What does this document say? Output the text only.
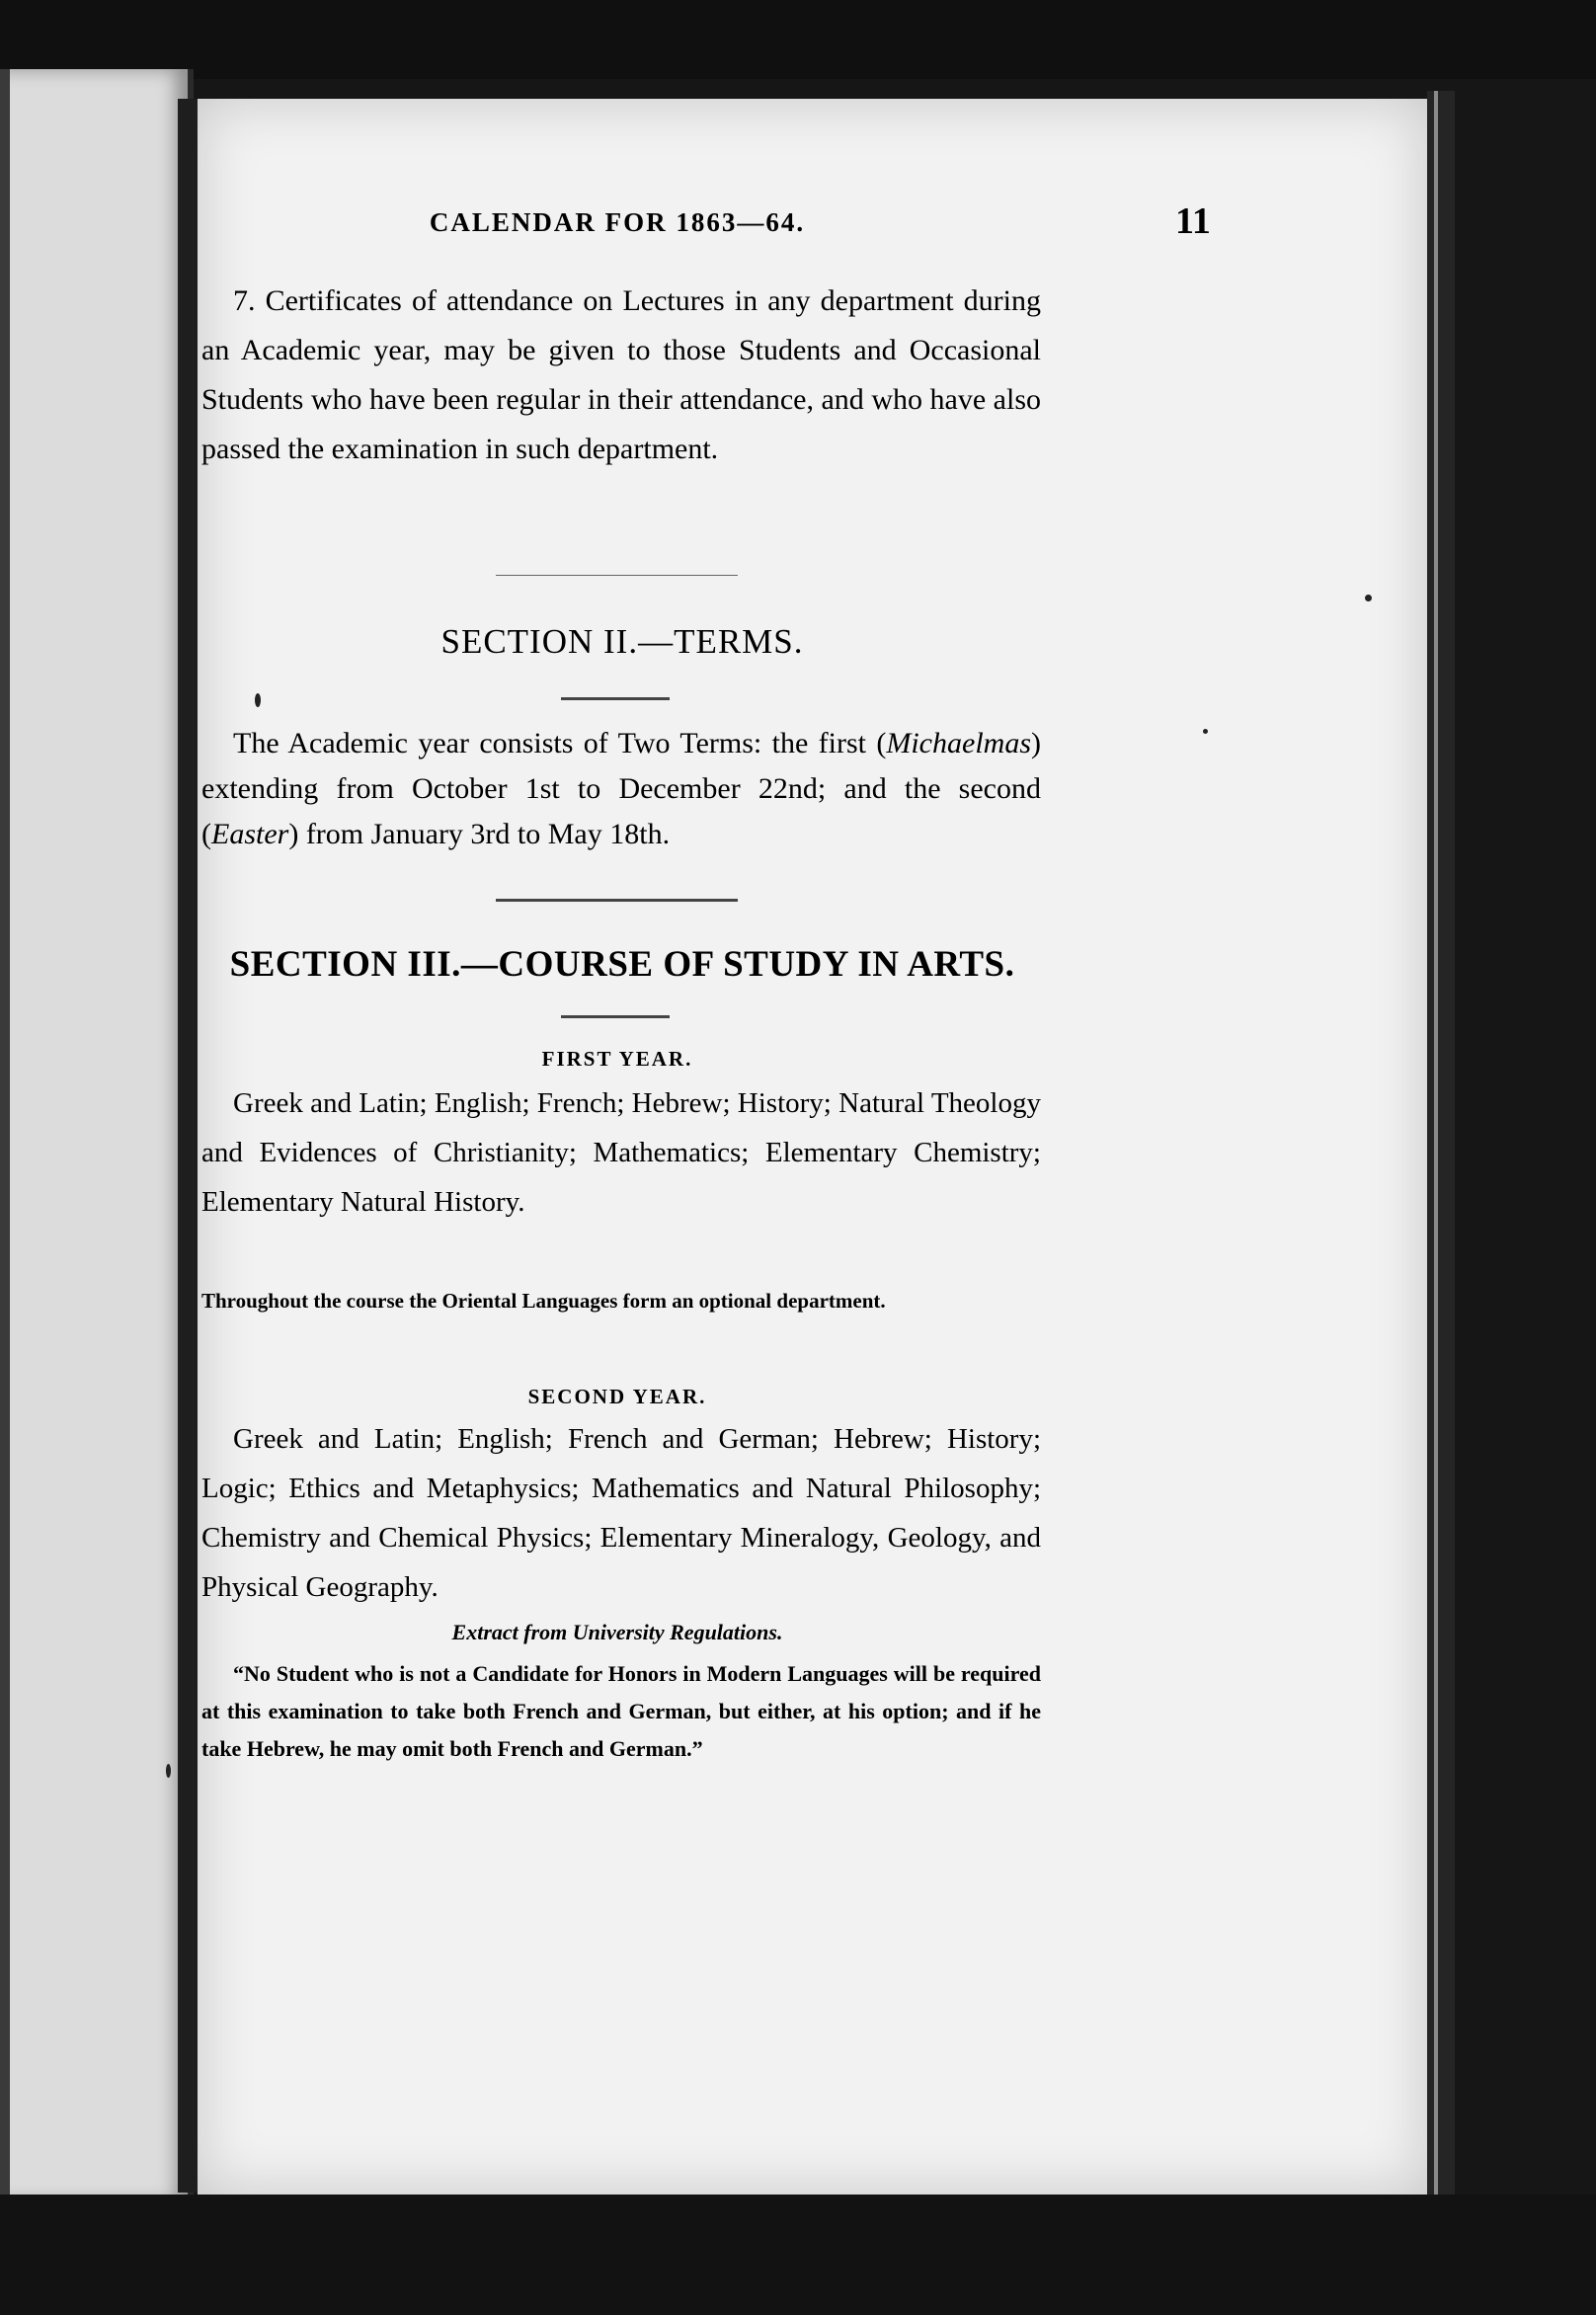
CALENDAR FOR 1863—64.	11
7. Certificates of attendance on Lectures in any department during an Academic year, may be given to those Students and Occasional Students who have been regular in their attendance, and who have also passed the examination in such department.
SECTION II.—TERMS.
The Academic year consists of Two Terms: the first (Michaelmas) extending from October 1st to December 22nd; and the second (Easter) from January 3rd to May 18th.
SECTION III.—COURSE OF STUDY IN ARTS.
FIRST YEAR.
Greek and Latin; English; French; Hebrew; History; Natural Theology and Evidences of Christianity; Mathematics; Elementary Chemistry; Elementary Natural History.
Throughout the course the Oriental Languages form an optional department.
SECOND YEAR.
Greek and Latin; English; French and German; Hebrew; History; Logic; Ethics and Metaphysics; Mathematics and Natural Philosophy; Chemistry and Chemical Physics; Elementary Mineralogy, Geology, and Physical Geography.
Extract from University Regulations.
“No Student who is not a Candidate for Honors in Modern Languages will be required at this examination to take both French and German, but either, at his option; and if he take Hebrew, he may omit both French and German.”
